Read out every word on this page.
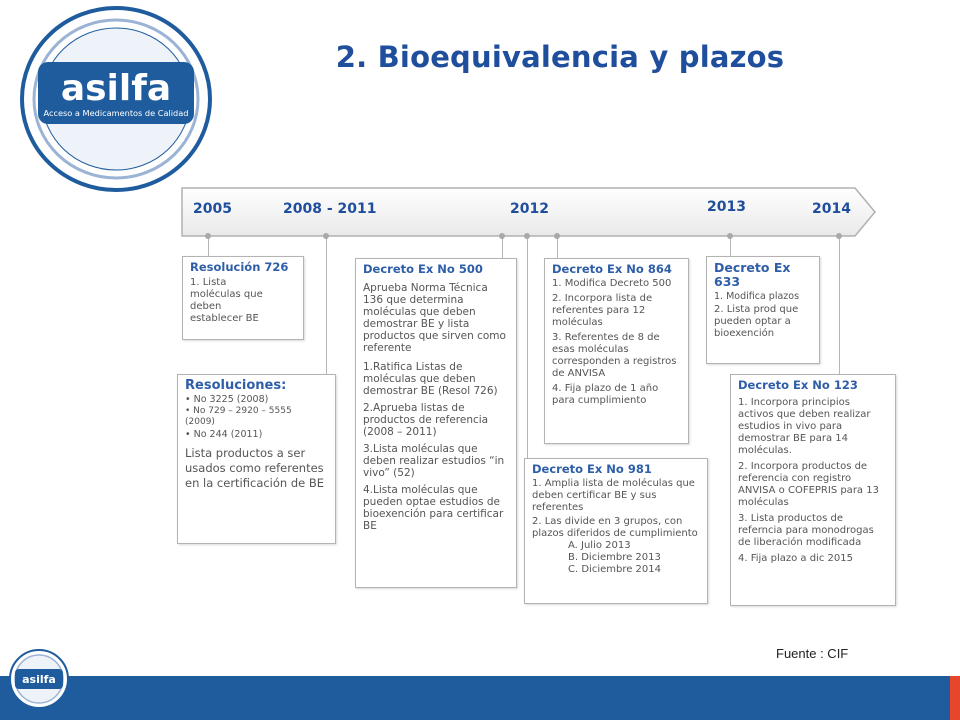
asilfa
Acceso a Medicamentos de Calidad
2. Bioequivalencia y plazos
2005	2008 - 2011	2012	2013	2014
Resolución 726
1. Lista
moléculas que
deben
establecer BE
Resoluciones:
• No 3225 (2008)
• No 729 – 2920 – 5555
(2009)
• No 244 (2011)
Lista productos a ser usados como referentes en la certificación de BE
Decreto Ex No 500
Aprueba Norma Técnica 136 que determina moléculas que deben demostrar BE y lista productos que sirven como referente
1.Ratifica Listas de moléculas que deben demostrar BE (Resol 726)
2.Aprueba listas de productos de referencia (2008 – 2011)
3.Lista moléculas que deben realizar estudios “in vivo” (52)
4.Lista moléculas que pueden optae estudios de bioexención para certificar BE
Decreto Ex No 864
1. Modifica Decreto 500
2. Incorpora lista de referentes para 12 moléculas
3. Referentes de 8 de esas moléculas corresponden a registros de ANVISA
4. Fija plazo de 1 año para cumplimiento
Decreto Ex No 981
1. Amplia lista de moléculas que deben certificar BE y sus referentes
2. Las divide en 3 grupos, con plazos diferidos de cumplimiento
A. Julio 2013
B. Diciembre 2013
C. Diciembre 2014
Decreto Ex 633
1. Modifica plazos
2. Lista prod que pueden optar a bioexención
Decreto Ex No 123
1. Incorpora principios activos que deben realizar estudios in vivo para demostrar BE para 14 moléculas.
2. Incorpora productos de referencia con registro ANVISA o COFEPRIS para 13 moléculas
3. Lista productos de referncia para monodrogas de liberación modificada
4. Fija plazo a dic 2015
Fuente : CIF
asilfa
